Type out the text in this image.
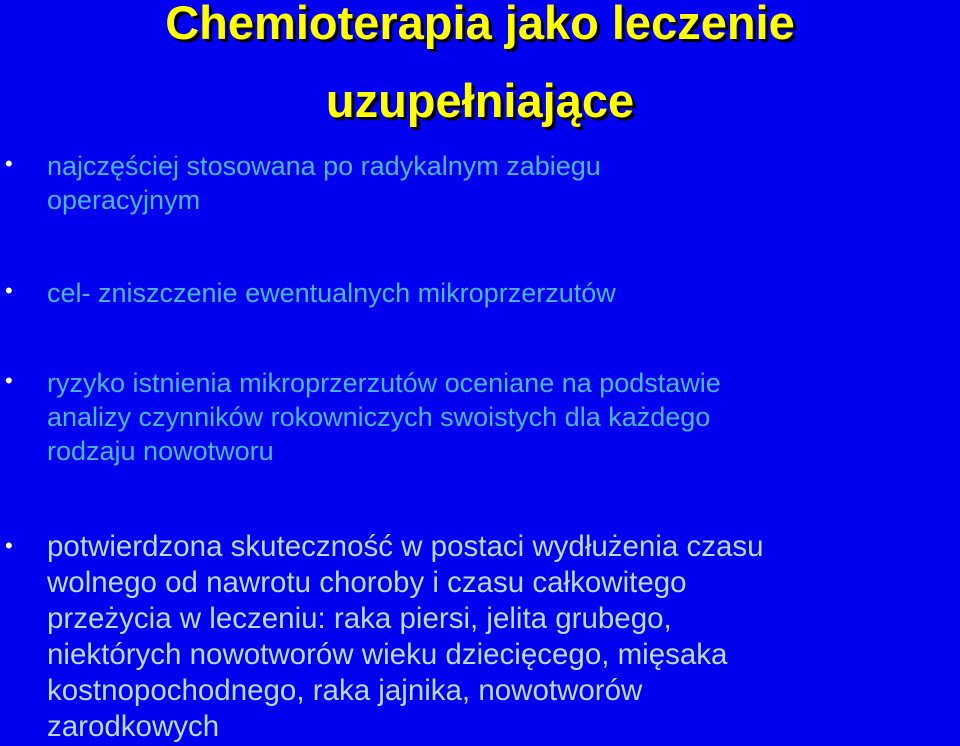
Chemioterapia jako leczenie
uzupełniające
• najczęściej stosowana po radykalnym zabiegu
operacyjnym
• cel- zniszczenie ewentualnych mikroprzerzutów
• ryzyko istnienia mikroprzerzutów oceniane na podstawie
analizy czynników rokowniczych swoistych dla każdego
rodzaju nowotworu
• potwierdzona skuteczność w postaci wydłużenia czasu
wolnego od nawrotu choroby i czasu całkowitego
przeżycia w leczeniu: raka piersi, jelita grubego,
niektórych nowotworów wieku dziecięcego, mięsaka
kostnopochodnego, raka jajnika, nowotworów
zarodkowych
